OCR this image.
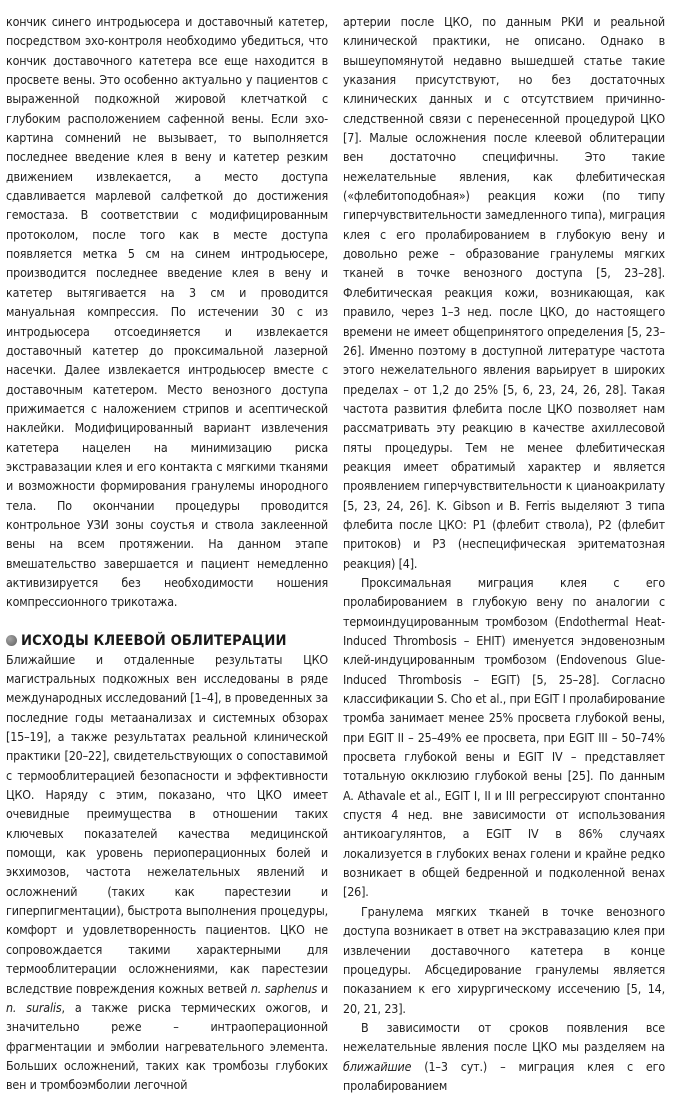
кончик синего интродьюсера и доставочный катетер, посредством эхо-контроля необходимо убедиться, что кончик доставочного катетера все еще находится в просвете вены. Это особенно актуально у пациентов с выраженной подкожной жировой клетчаткой с глубоким расположением сафенной вены. Если эхо-картина сомнений не вызывает, то выполняется последнее введение клея в вену и катетер резким движением извлекается, а место доступа сдавливается марлевой салфеткой до достижения гемостаза. В соответствии с модифицированным протоколом, после того как в месте доступа появляется метка 5 см на синем интродьюсере, производится последнее введение клея в вену и катетер вытягивается на 3 см и проводится мануальная компрессия. По истечении 30 с из интродьюсера отсоединяется и извлекается доставочный катетер до проксимальной лазерной насечки. Далее извлекается интродьюсер вместе с доставочным катетером. Место венозного доступа прижимается с наложением стрипов и асептической наклейки. Модифицированный вариант извлечения катетера нацелен на минимизацию риска экстравазации клея и его контакта с мягкими тканями и возможности формирования гранулемы инородного тела. По окончании процедуры проводится контрольное УЗИ зоны соустья и ствола заклеенной вены на всем протяжении. На данном этапе вмешательство завершается и пациент немедленно активизируется без необходимости ношения компрессионного трикотажа.

ИСХОДЫ КЛЕЕВОЙ ОБЛИТЕРАЦИИ

Ближайшие и отдаленные результаты ЦКО магистральных подкожных вен исследованы в ряде международных исследований [1–4], в проведенных за последние годы метаанализах и системных обзорах [15–19], а также результатах реальной клинической практики [20–22], свидетельствующих о сопоставимой с термооблитерацией безопасности и эффективности ЦКО. Наряду с этим, показано, что ЦКО имеет очевидные преимущества в отношении таких ключевых показателей качества медицинской помощи, как уровень периоперационных болей и экхимозов, частота нежелательных явлений и осложнений (таких как парестезии и гиперпигментации), быстрота выполнения процедуры, комфорт и удовлетворенность пациентов. ЦКО не сопровождается такими характерными для термооблитерации осложнениями, как парестезии вследствие повреждения кожных ветвей n. saphenus и n. suralis, а также риска термических ожогов, и значительно реже – интраоперационной фрагментации и эмболии нагревательного элемента. Больших осложнений, таких как тромбозы глубоких вен и тромбоэмболии легочной

артерии после ЦКО, по данным РКИ и реальной клинической практики, не описано. Однако в вышеупомянутой недавно вышедшей статье такие указания присутствуют, но без достаточных клинических данных и с отсутствием причинно-следственной связи с перенесенной процедурой ЦКО [7]. Малые осложнения после клеевой облитерации вен достаточно специфичны. Это такие нежелательные явления, как флебитическая («флебитоподобная») реакция кожи (по типу гиперчувствительности замедленного типа), миграция клея с его пролабированием в глубокую вену и довольно реже – образование гранулемы мягких тканей в точке венозного доступа [5, 23–28]. Флебитическая реакция кожи, возникающая, как правило, через 1–3 нед. после ЦКО, до настоящего времени не имеет общепринятого определения [5, 23–26]. Именно поэтому в доступной литературе частота этого нежелательного явления варьирует в широких пределах – от 1,2 до 25% [5, 6, 23, 24, 26, 28]. Такая частота развития флебита после ЦКО позволяет нам рассматривать эту реакцию в качестве ахиллесовой пяты процедуры. Тем не менее флебитическая реакция имеет обратимый характер и является проявлением гиперчувствительности к цианоакрилату [5, 23, 24, 26]. K. Gibson и B. Ferris выделяют 3 типа флебита после ЦКО: P1 (флебит ствола), P2 (флебит притоков) и P3 (неспецифическая эритематозная реакция) [4].

Проксимальная миграция клея с его пролабированием в глубокую вену по аналогии с термоиндуцированным тромбозом (Endothermal Heat-Induced Thrombosis – EHIT) именуется эндовенозным клей-индуцированным тромбозом (Endovenous Glue-Induced Thrombosis – EGIT) [5, 25–28]. Согласно классификации S. Cho et al., при EGIT I пролабирование тромба занимает менее 25% просвета глубокой вены, при EGIT II – 25–49% ее просвета, при EGIT III – 50–74% просвета глубокой вены и EGIT IV – представляет тотальную окклюзию глубокой вены [25]. По данным A. Athavale et al., EGIT I, II и III регрессируют спонтанно спустя 4 нед. вне зависимости от использования антикоагулянтов, а EGIT IV в 86% случаях локализуется в глубоких венах голени и крайне редко возникает в общей бедренной и подколенной венах [26].

Гранулема мягких тканей в точке венозного доступа возникает в ответ на экстравазацию клея при извлечении доставочного катетера в конце процедуры. Абсцедирование гранулемы является показанием к его хирургическому иссечению [5, 14, 20, 21, 23].

В зависимости от сроков появления все нежелательные явления после ЦКО мы разделяем на ближайшие (1–3 сут.) – миграция клея с его пролабированием
